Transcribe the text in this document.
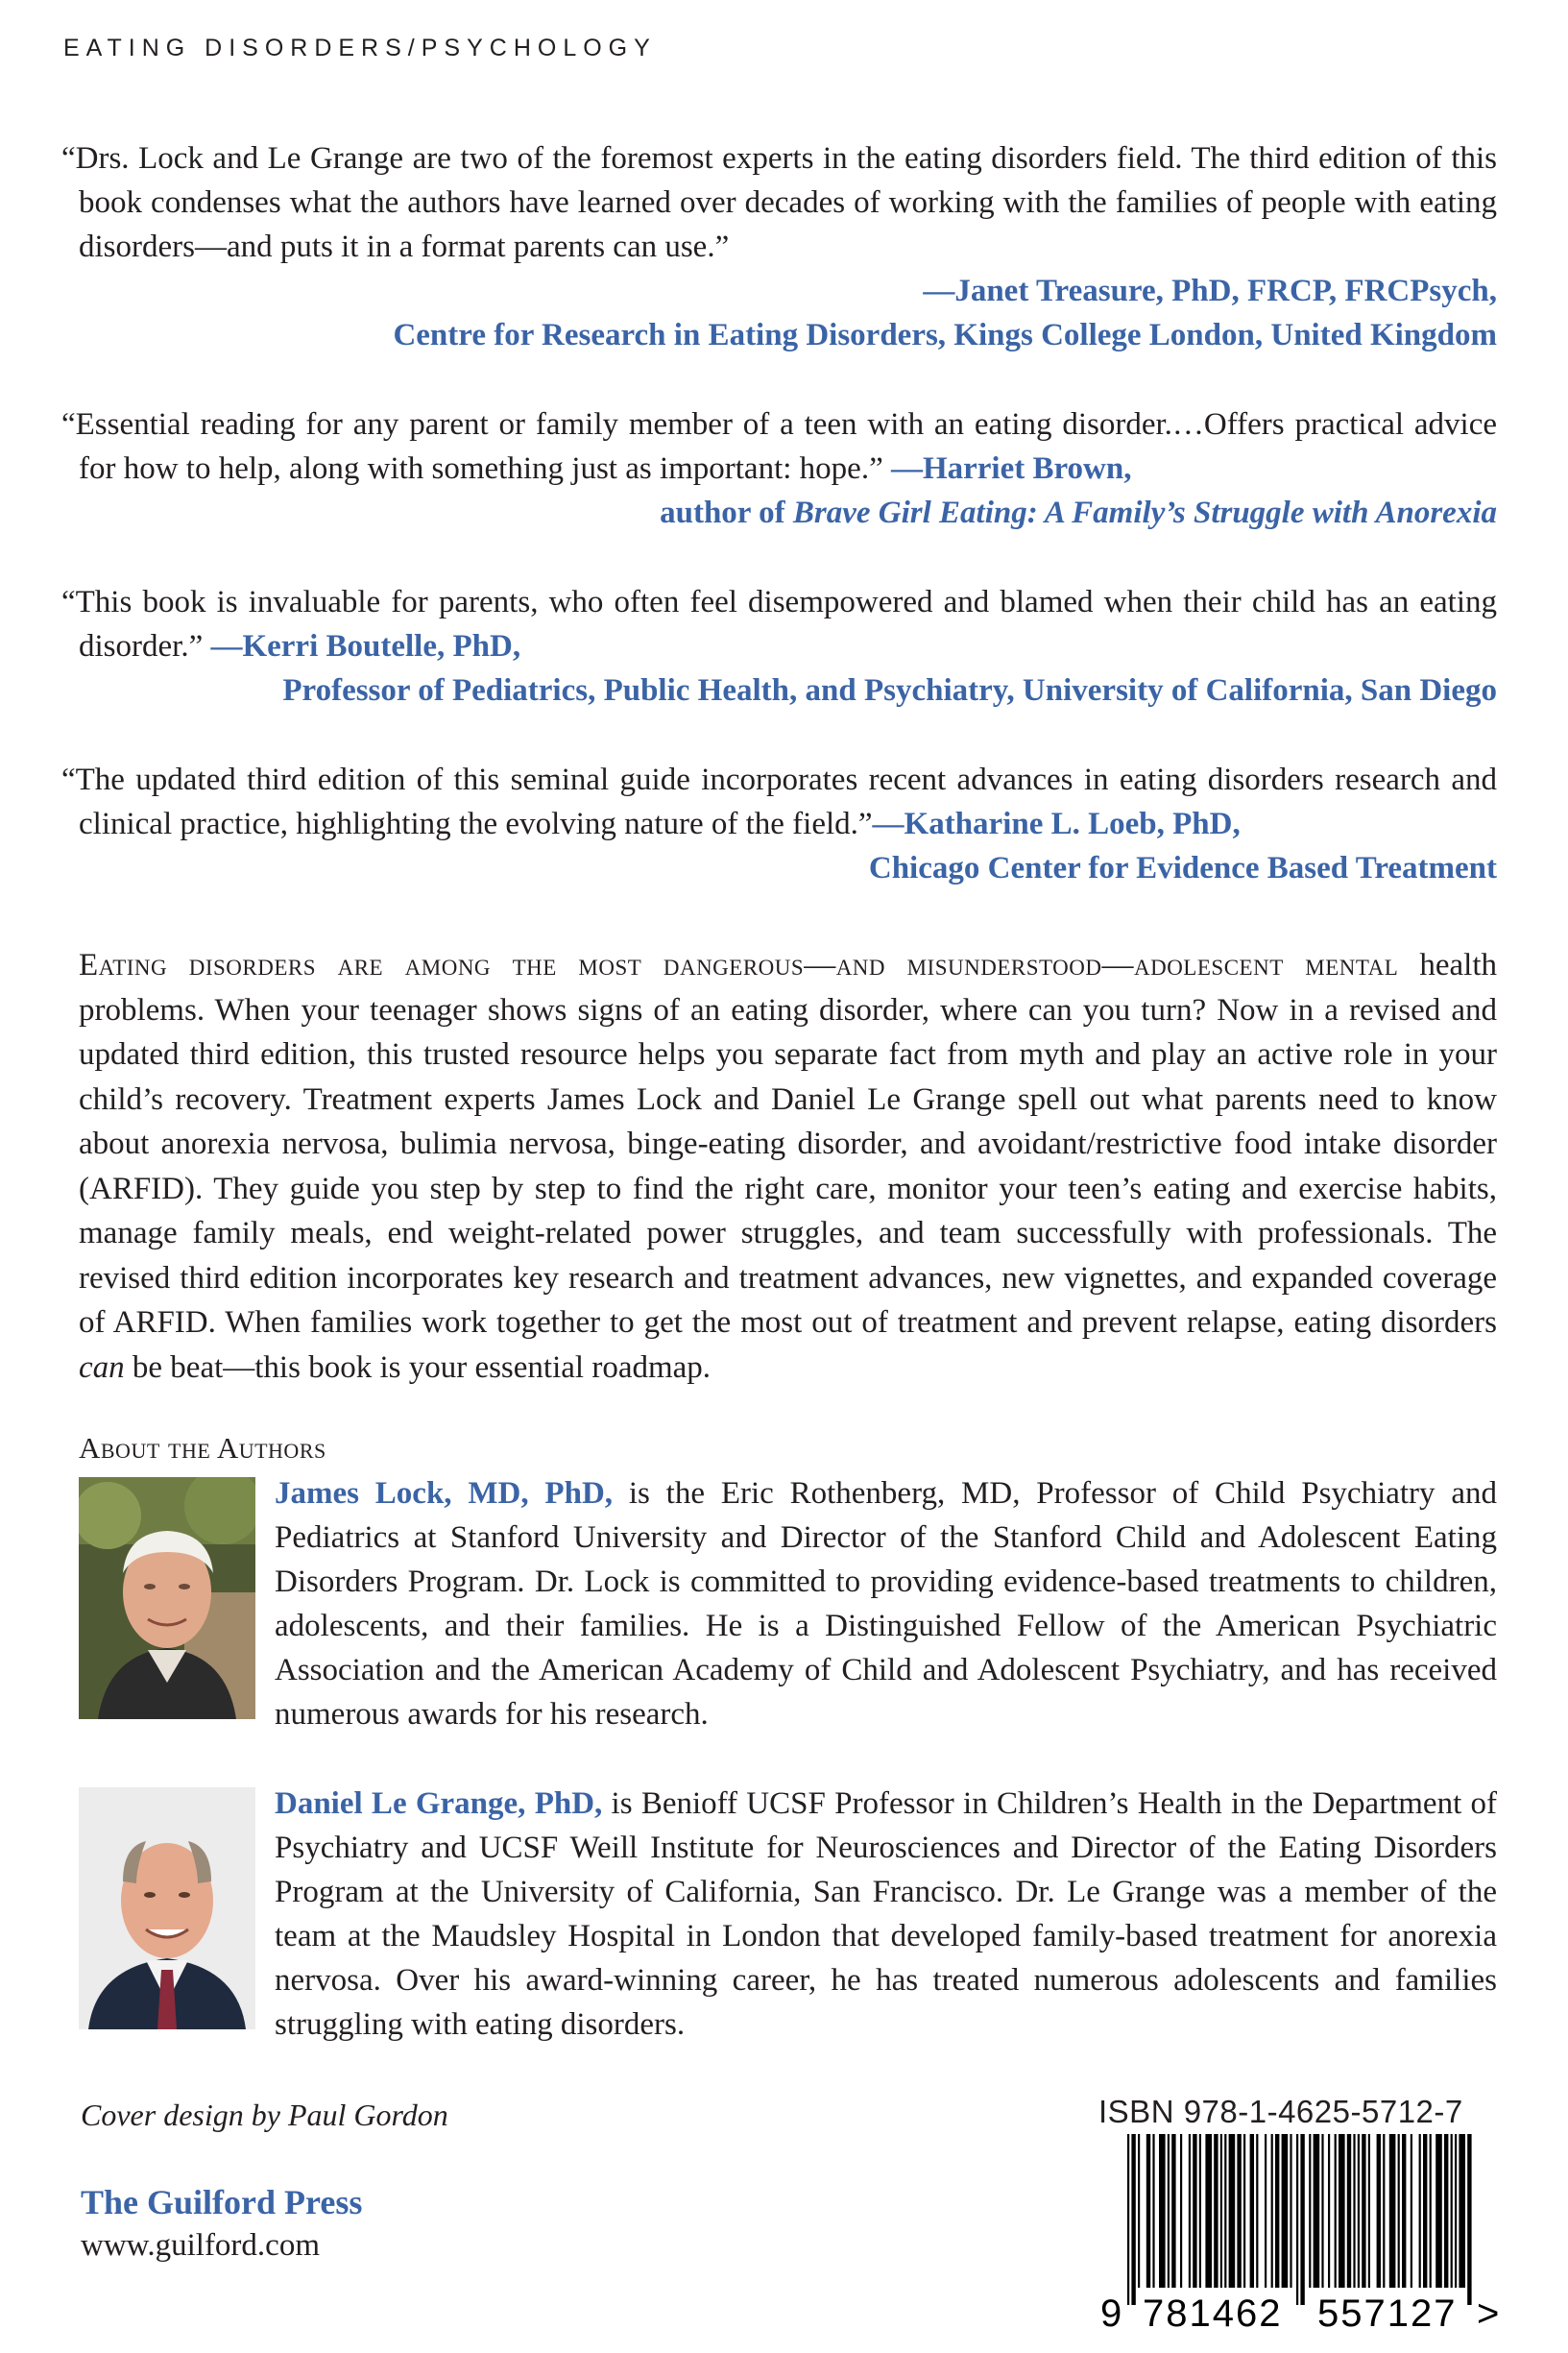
EATING DISORDERS/PSYCHOLOGY
“Drs. Lock and Le Grange are two of the foremost experts in the eating disorders field. The third edition of this book condenses what the authors have learned over decades of working with the families of people with eating disorders—and puts it in a format parents can use.”
—Janet Treasure, PhD, FRCP, FRCPsych,
Centre for Research in Eating Disorders, Kings College London, United Kingdom
“Essential reading for any parent or family member of a teen with an eating disorder.…Offers practical advice for how to help, along with something just as important: hope.” —Harriet Brown,
author of Brave Girl Eating: A Family’s Struggle with Anorexia
“This book is invaluable for parents, who often feel disempowered and blamed when their child has an eating disorder.” —Kerri Boutelle, PhD,
Professor of Pediatrics, Public Health, and Psychiatry, University of California, San Diego
“The updated third edition of this seminal guide incorporates recent advances in eating disorders research and clinical practice, highlighting the evolving nature of the field.”—Katharine L. Loeb, PhD,
Chicago Center for Evidence Based Treatment
Eating disorders are among the most dangerous—and misunderstood—adolescent mental health problems. When your teenager shows signs of an eating disorder, where can you turn? Now in a revised and updated third edition, this trusted resource helps you separate fact from myth and play an active role in your child’s recovery. Treatment experts James Lock and Daniel Le Grange spell out what parents need to know about anorexia nervosa, bulimia nervosa, binge-eating disorder, and avoidant/restrictive food intake disorder (ARFID). They guide you step by step to find the right care, monitor your teen’s eating and exercise habits, manage family meals, end weight-related power struggles, and team successfully with professionals. The revised third edition incorporates key research and treatment advances, new vignettes, and expanded coverage of ARFID. When families work together to get the most out of treatment and prevent relapse, eating disorders can be beat—this book is your essential roadmap.
About the Authors
James Lock, MD, PhD, is the Eric Rothenberg, MD, Professor of Child Psychiatry and Pediatrics at Stanford University and Director of the Stanford Child and Adolescent Eating Disorders Program. Dr. Lock is committed to providing evidence-based treatments to children, adolescents, and their families. He is a Distinguished Fellow of the American Psychiatric Association and the American Academy of Child and Adolescent Psychiatry, and has received numerous awards for his research.
Daniel Le Grange, PhD, is Benioff UCSF Professor in Children’s Health in the Department of Psychiatry and UCSF Weill Institute for Neurosciences and Director of the Eating Disorders Program at the University of California, San Francisco. Dr. Le Grange was a member of the team at the Maudsley Hospital in London that developed family-based treatment for anorexia nervosa. Over his award-winning career, he has treated numerous adolescents and families struggling with eating disorders.
Cover design by Paul Gordon
The Guilford Press
www.guilford.com
ISBN 978-1-4625-5712-7
9 781462 557127 >
